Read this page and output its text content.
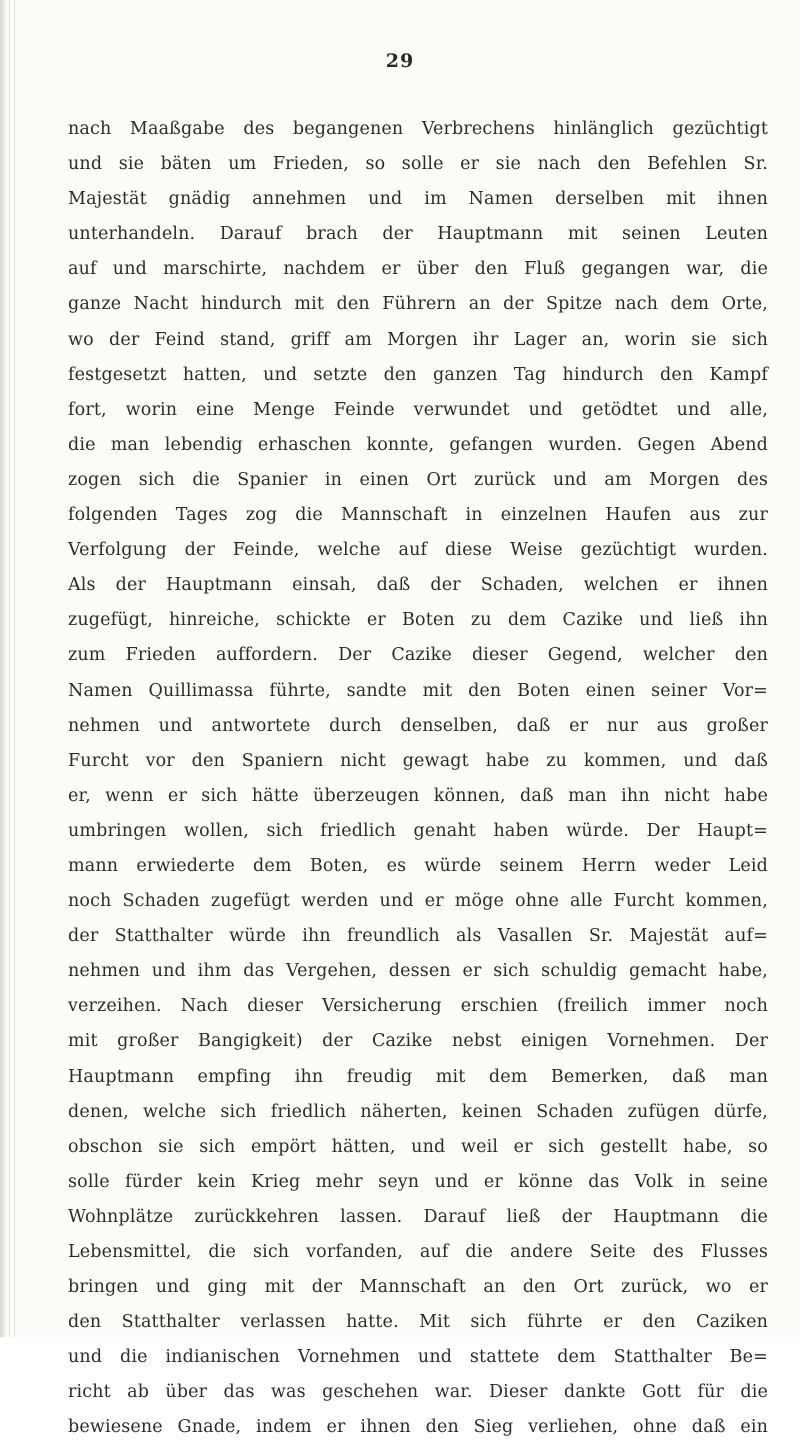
29
nach Maaßgabe des begangenen Verbrechens hinlänglich gezüchtigt
und sie bäten um Frieden, so solle er sie nach den Befehlen Sr.
Majestät gnädig annehmen und im Namen derselben mit ihnen
unterhandeln. Darauf brach der Hauptmann mit seinen Leuten
auf und marschirte, nachdem er über den Fluß gegangen war, die
ganze Nacht hindurch mit den Führern an der Spitze nach dem Orte,
wo der Feind stand, griff am Morgen ihr Lager an, worin sie sich
festgesetzt hatten, und setzte den ganzen Tag hindurch den Kampf
fort, worin eine Menge Feinde verwundet und getödtet und alle,
die man lebendig erhaschen konnte, gefangen wurden. Gegen Abend
zogen sich die Spanier in einen Ort zurück und am Morgen des
folgenden Tages zog die Mannschaft in einzelnen Haufen aus zur
Verfolgung der Feinde, welche auf diese Weise gezüchtigt wurden.
Als der Hauptmann einsah, daß der Schaden, welchen er ihnen
zugefügt, hinreiche, schickte er Boten zu dem Cazike und ließ ihn
zum Frieden auffordern. Der Cazike dieser Gegend, welcher den
Namen Quillimassa führte, sandte mit den Boten einen seiner Vor=
nehmen und antwortete durch denselben, daß er nur aus großer
Furcht vor den Spaniern nicht gewagt habe zu kommen, und daß
er, wenn er sich hätte überzeugen können, daß man ihn nicht habe
umbringen wollen, sich friedlich genaht haben würde. Der Haupt=
mann erwiederte dem Boten, es würde seinem Herrn weder Leid
noch Schaden zugefügt werden und er möge ohne alle Furcht kommen,
der Statthalter würde ihn freundlich als Vasallen Sr. Majestät auf=
nehmen und ihm das Vergehen, dessen er sich schuldig gemacht habe,
verzeihen. Nach dieser Versicherung erschien (freilich immer noch
mit großer Bangigkeit) der Cazike nebst einigen Vornehmen. Der
Hauptmann empfing ihn freudig mit dem Bemerken, daß man
denen, welche sich friedlich näherten, keinen Schaden zufügen dürfe,
obschon sie sich empört hätten, und weil er sich gestellt habe, so
solle fürder kein Krieg mehr seyn und er könne das Volk in seine
Wohnplätze zurückkehren lassen. Darauf ließ der Hauptmann die
Lebensmittel, die sich vorfanden, auf die andere Seite des Flusses
bringen und ging mit der Mannschaft an den Ort zurück, wo er
den Statthalter verlassen hatte. Mit sich führte er den Caziken
und die indianischen Vornehmen und stattete dem Statthalter Be=
richt ab über das was geschehen war. Dieser dankte Gott für die
bewiesene Gnade, indem er ihnen den Sieg verliehen, ohne daß ein
